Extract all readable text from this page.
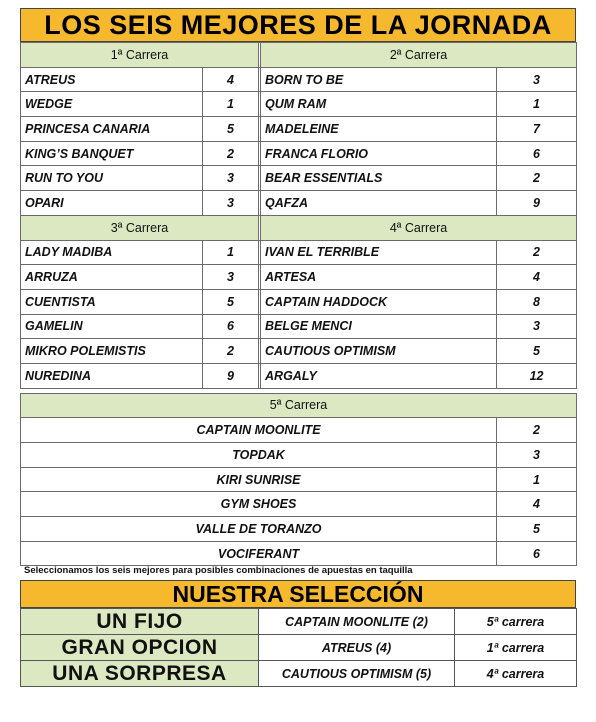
LOS SEIS MEJORES DE LA JORNADA
1ª Carrera			2ª Carrera	
ATREUS	4		BORN TO BE	3
WEDGE	1		QUM RAM	1
PRINCESA CANARIA	5		MADELEINE	7
KING’S BANQUET	2		FRANCA FLORIO	6
RUN TO YOU	3		BEAR ESSENTIALS	2
OPARI	3		QAFZA	9
3ª Carrera			4ª Carrera	
LADY MADIBA	1		IVAN EL TERRIBLE	2
ARRUZA	3		ARTESA	4
CUENTISTA	5		CAPTAIN HADDOCK	8
GAMELIN	6		BELGE MENCI	3
MIKRO POLEMISTIS	2		CAUTIOUS OPTIMISM	5
NUREDINA	9		ARGALY	12

5ª Carrera				
CAPTAIN MOONLITE				2
TOPDAK				3
KIRI SUNRISE				1
GYM SHOES				4
VALLE DE TORANZO				5
VOCIFERANT				6
Seleccionamos los seis mejores para posibles combinaciones de apuestas en taquilla
NUESTRA SELECCIÓN
UN FIJO	CAPTAIN MOONLITE (2)	5ª carrera
GRAN OPCION	ATREUS (4)	1ª carrera
UNA SORPRESA	CAUTIOUS OPTIMISM (5)	4ª carrera
